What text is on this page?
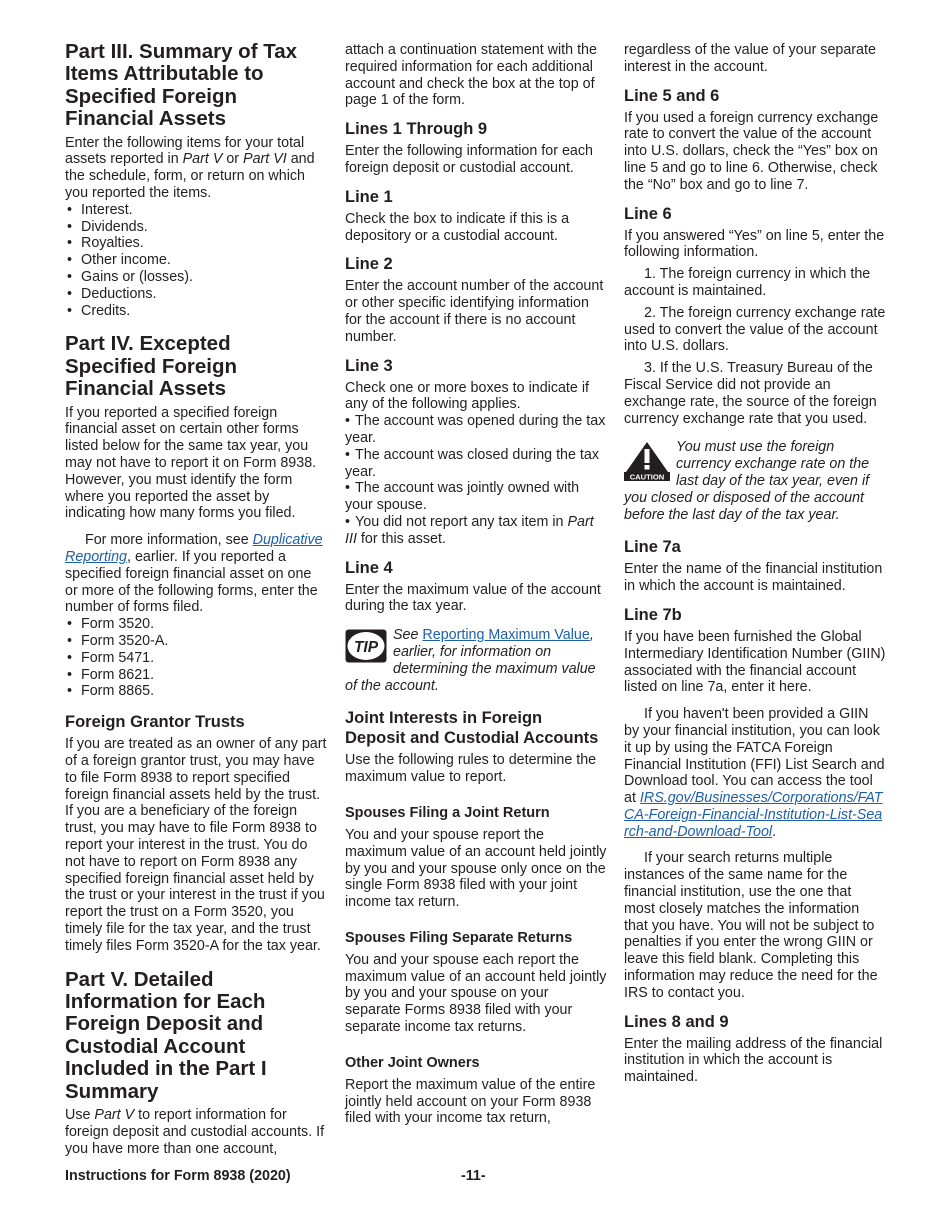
Part III. Summary of Tax Items Attributable to Specified Foreign Financial Assets

Enter the following items for your total assets reported in Part V or Part VI and the schedule, form, or return on which you reported the items.

• Interest.
• Dividends.
• Royalties.
• Other income.
• Gains or (losses).
• Deductions.
• Credits.
Part IV. Excepted Specified Foreign Financial Assets

If you reported a specified foreign financial asset on certain other forms listed below for the same tax year, you may not have to report it on Form 8938. However, you must identify the form where you reported the asset by indicating how many forms you filed.

For more information, see Duplicative Reporting, earlier. If you reported a specified foreign financial asset on one or more of the following forms, enter the number of forms filed.

• Form 3520.
• Form 3520-A.
• Form 5471.
• Form 8621.
• Form 8865.
Foreign Grantor Trusts

If you are treated as an owner of any part of a foreign grantor trust, you may have to file Form 8938 to report specified foreign financial assets held by the trust. If you are a beneficiary of the foreign trust, you may have to file Form 8938 to report your interest in the trust. You do not have to report on Form 8938 any specified foreign financial asset held by the trust or your interest in the trust if you report the trust on a Form 3520, you timely file for the tax year, and the trust timely files Form 3520-A for the tax year.

Part V. Detailed Information for Each Foreign Deposit and Custodial Account Included in the Part I Summary

Use Part V to report information for foreign deposit and custodial accounts. If you have more than one account,

attach a continuation statement with the required information for each additional account and check the box at the top of page 1 of the form.

Lines 1 Through 9

Enter the following information for each foreign deposit or custodial account.

Line 1

Check the box to indicate if this is a depository or a custodial account.

Line 2

Enter the account number of the account or other specific identifying information for the account if there is no account number.

Line 3

Check one or more boxes to indicate if any of the following applies.

• The account was opened during the tax year.

• The account was closed during the tax year.

• The account was jointly owned with your spouse.

• You did not report any tax item in Part III for this asset.

Line 4

Enter the maximum value of the account during the tax year.

TIP
See Reporting Maximum Value, earlier, for information on determining the maximum value of the account.
Joint Interests in Foreign Deposit and Custodial Accounts

Use the following rules to determine the maximum value to report.

Spouses Filing a Joint Return

You and your spouse report the maximum value of an account held jointly by you and your spouse only once on the single Form 8938 filed with your joint income tax return.

Spouses Filing Separate Returns

You and your spouse each report the maximum value of an account held jointly by you and your spouse on your separate Forms 8938 filed with your separate income tax returns.

Other Joint Owners

Report the maximum value of the entire jointly held account on your Form 8938 filed with your income tax return,

regardless of the value of your separate interest in the account.

Line 5 and 6

If you used a foreign currency exchange rate to convert the value of the account into U.S. dollars, check the “Yes” box on line 5 and go to line 6. Otherwise, check the “No” box and go to line 7.

Line 6

If you answered “Yes” on line 5, enter the following information.

1. The foreign currency in which the account is maintained.

2. The foreign currency exchange rate used to convert the value of the account into U.S. dollars.

3. If the U.S. Treasury Bureau of the Fiscal Service did not provide an exchange rate, the source of the foreign currency exchange rate that you used.

CAUTION
You must use the foreign currency exchange rate on the last day of the tax year, even if you closed or disposed of the account before the last day of the tax year.
Line 7a

Enter the name of the financial institution in which the account is maintained.

Line 7b

If you have been furnished the Global Intermediary Identification Number (GIIN) associated with the financial account listed on line 7a, enter it here.

If you haven't been provided a GIIN by your financial institution, you can look it up by using the FATCA Foreign Financial Institution (FFI) List Search and Download tool. You can access the tool at IRS.gov/Businesses/Corporations/FATCA-Foreign-Financial-Institution-List-Search-and-Download-Tool.

If your search returns multiple instances of the same name for the financial institution, use the one that most closely matches the information that you have. You will not be subject to penalties if you enter the wrong GIIN or leave this field blank. Completing this information may reduce the need for the IRS to contact you.

Lines 8 and 9

Enter the mailing address of the financial institution in which the account is maintained.

Instructions for Form 8938 (2020)	-11-
